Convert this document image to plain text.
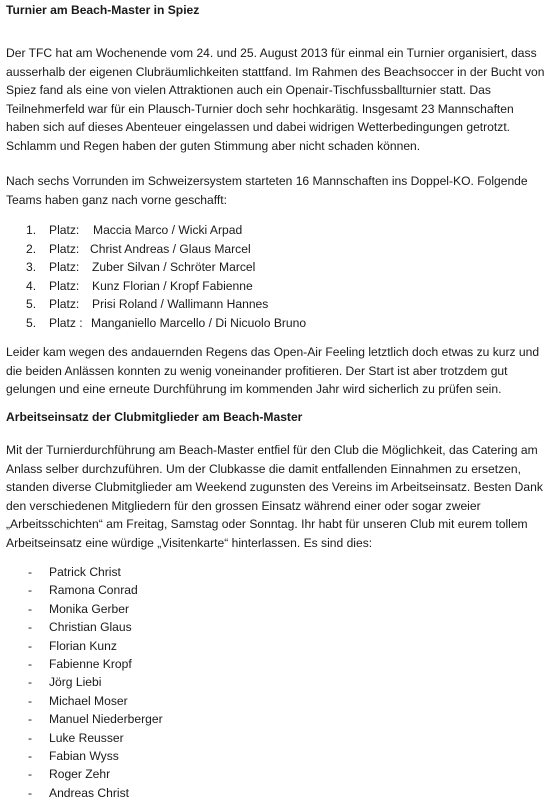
Turnier am Beach-Master in Spiez

Der TFC hat am Wochenende vom 24. und 25. August 2013 für einmal ein Turnier organisiert, dass ausserhalb der eigenen Clubräumlichkeiten stattfand. Im Rahmen des Beachsoccer in der Bucht von Spiez fand als eine von vielen Attraktionen auch ein Openair-Tischfussballturnier statt. Das Teilnehmerfeld war für ein Plausch-Turnier doch sehr hochkarätig. Insgesamt 23 Mannschaften haben sich auf dieses Abenteuer eingelassen und dabei widrigen Wetterbedingungen getrotzt. Schlamm und Regen haben der guten Stimmung aber nicht schaden können.

Nach sechs Vorrunden im Schweizersystem starteten 16 Mannschaften ins Doppel-KO. Folgende Teams haben ganz nach vorne geschafft:

1. Platz: Maccia Marco / Wicki Arpad
2. Platz: Christ Andreas / Glaus Marcel
3. Platz: Zuber Silvan / Schröter Marcel
4. Platz: Kunz Florian / Kropf Fabienne
5. Platz: Prisi Roland / Wallimann Hannes
5. Platz : Manganiello Marcello / Di Nicuolo Bruno

Leider kam wegen des andauernden Regens das Open-Air Feeling letztlich doch etwas zu kurz und die beiden Anlässen konnten zu wenig voneinander profitieren. Der Start ist aber trotzdem gut gelungen und eine erneute Durchführung im kommenden Jahr wird sicherlich zu prüfen sein.

Arbeitseinsatz der Clubmitglieder am Beach-Master

Mit der Turnierdurchführung am Beach-Master entfiel für den Club die Möglichkeit, das Catering am Anlass selber durchzuführen. Um der Clubkasse die damit entfallenden Einnahmen zu ersetzen, standen diverse Clubmitglieder am Weekend zugunsten des Vereins im Arbeitseinsatz. Besten Dank den verschiedenen Mitgliedern für den grossen Einsatz während einer oder sogar zweier „Arbeitsschichten“ am Freitag, Samstag oder Sonntag. Ihr habt für unseren Club mit eurem tollem Arbeitseinsatz eine würdige „Visitenkarte“ hinterlassen. Es sind dies:

- Patrick Christ
- Ramona Conrad
- Monika Gerber
- Christian Glaus
- Florian Kunz
- Fabienne Kropf
- Jörg Liebi
- Michael Moser
- Manuel Niederberger
- Luke Reusser
- Fabian Wyss
- Roger Zehr
- Andreas Christ
